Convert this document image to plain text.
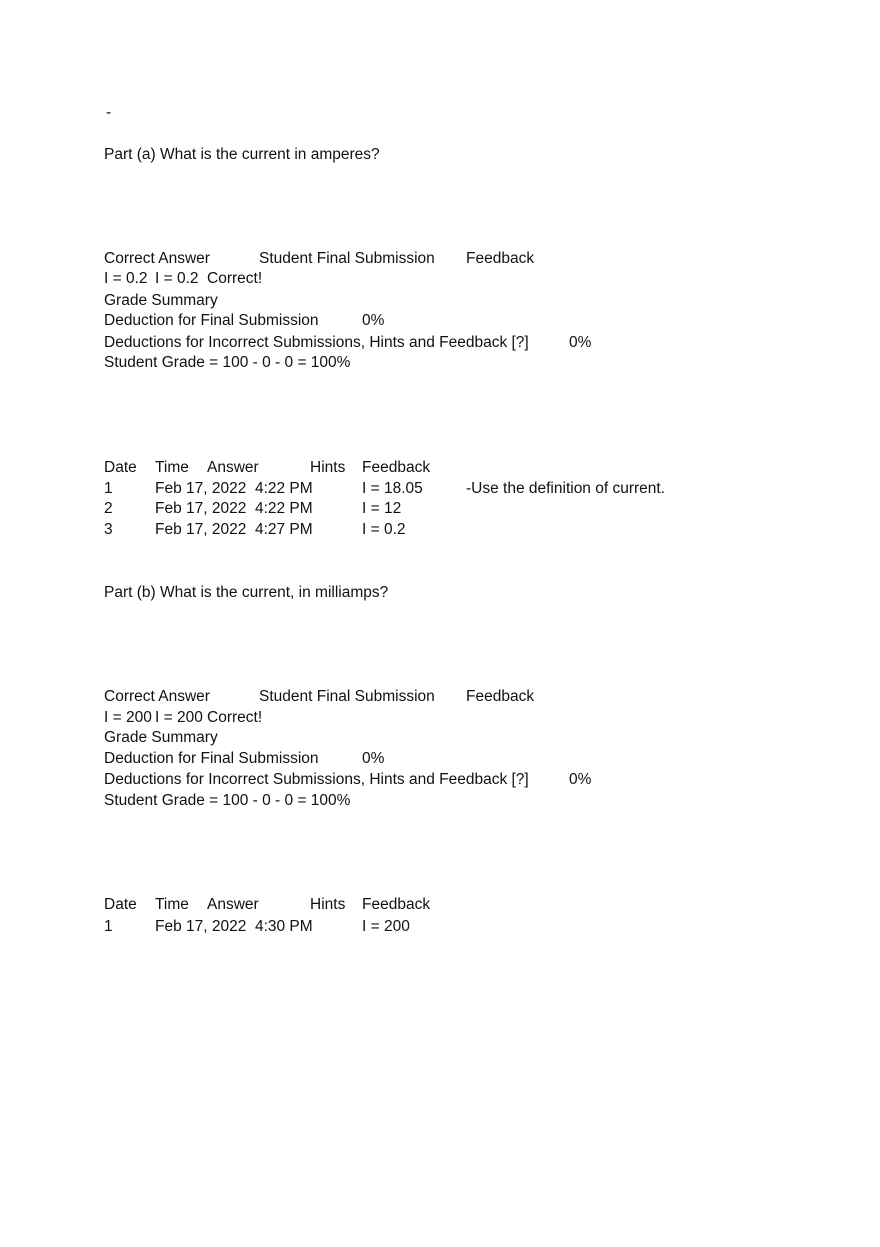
-
Part (a) What is the current in amperes?
Correct Answer	Student Final Submission Feedback
I = 0.2 I = 0.2 Correct!
Grade Summary
Deduction for Final Submission	0%
Deductions for Incorrect Submissions, Hints and Feedback [?]	0%
Student Grade = 100 - 0 - 0 = 100%
Date Time Answer	Hints Feedback
1	Feb 17, 2022  4:22 PM	I = 18.05	-Use the definition of current.
2	Feb 17, 2022  4:22 PM	I = 12
3	Feb 17, 2022  4:27 PM	I = 0.2
Part (b) What is the current, in milliamps?
Correct Answer	Student Final Submission Feedback
I = 200 I = 200 Correct!
Grade Summary
Deduction for Final Submission	0%
Deductions for Incorrect Submissions, Hints and Feedback [?]	0%
Student Grade = 100 - 0 - 0 = 100%
Date Time Answer	Hints Feedback
1	Feb 17, 2022  4:30 PM	I = 200
